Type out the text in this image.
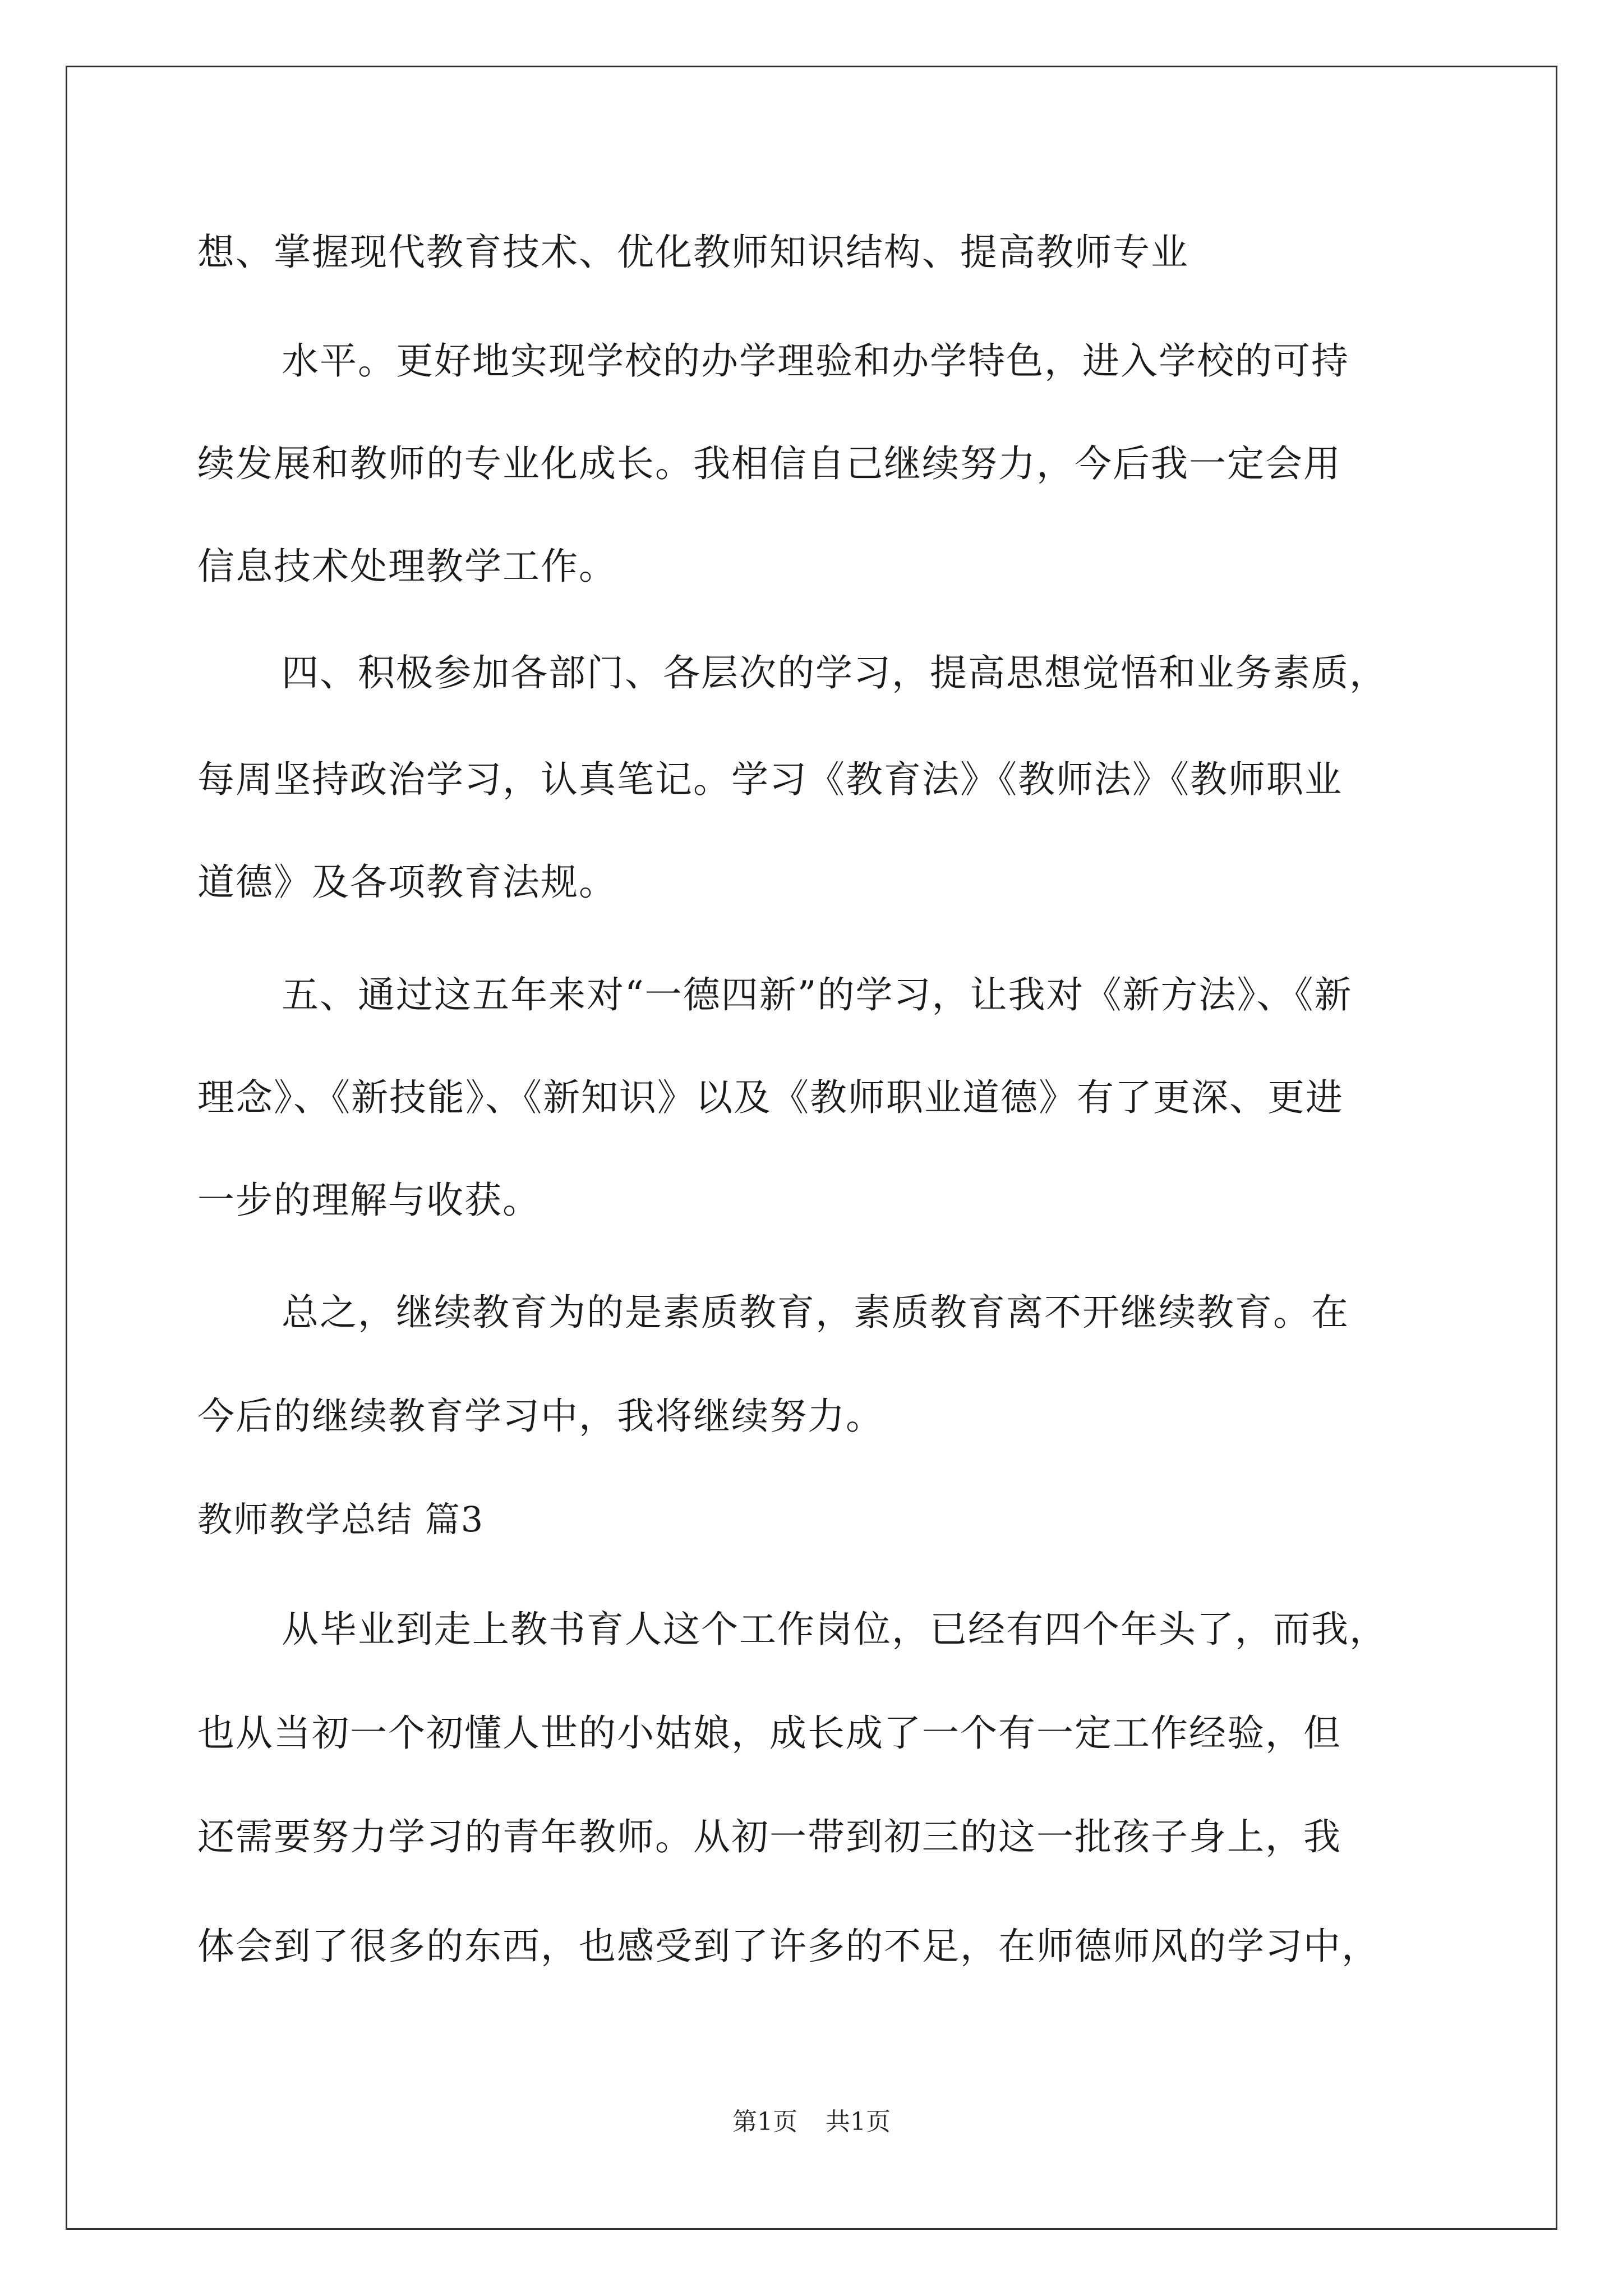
想、掌握现代教育技术、优化教师知识结构、提高教师专业
水平。更好地实现学校的办学理验和办学特色，进入学校的可持
续发展和教师的专业化成长。我相信自己继续努力，今后我一定会用
信息技术处理教学工作。
四、积极参加各部门、各层次的学习，提高思想觉悟和业务素质，
每周坚持政治学习，认真笔记。学习《教育法》《教师法》《教师职业
道德》及各项教育法规。
五、通过这五年来对“一德四新”的学习，让我对《新方法》、《新
理念》、《新技能》、《新知识》以及《教师职业道德》有了更深、更进
一步的理解与收获。
总之，继续教育为的是素质教育，素质教育离不开继续教育。在
今后的继续教育学习中，我将继续努力。
教师教学总结 篇3
从毕业到走上教书育人这个工作岗位，已经有四个年头了，而我，
也从当初一个初懂人世的小姑娘，成长成了一个有一定工作经验，但
还需要努力学习的青年教师。从初一带到初三的这一批孩子身上，我
体会到了很多的东西，也感受到了许多的不足，在师德师风的学习中，
第1页 共1页
